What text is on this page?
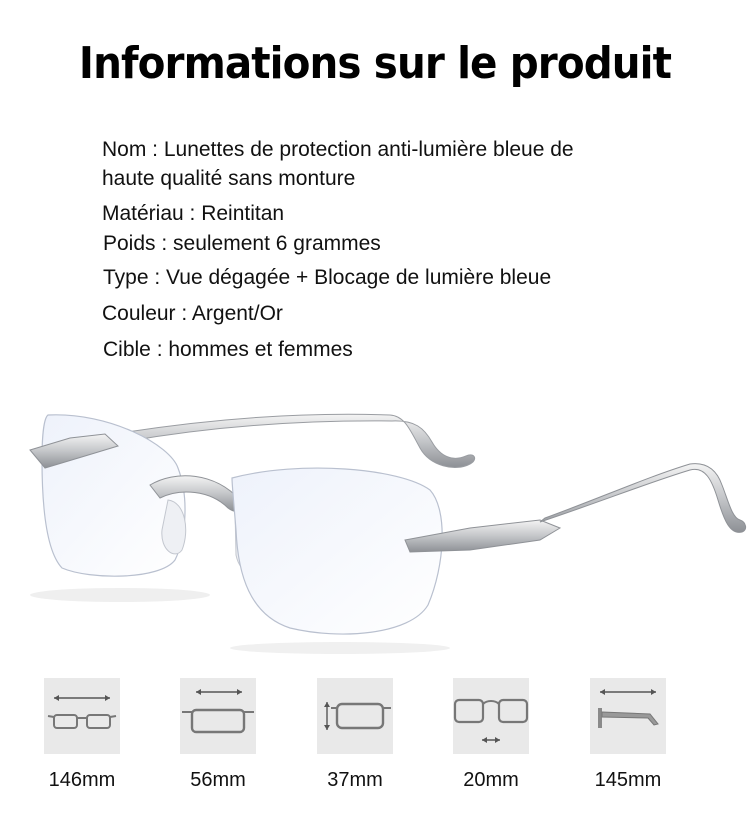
Informations sur le produit
Nom : Lunettes de protection anti-lumière bleue de
haute qualité sans monture
Matériau : Reintitan
Poids : seulement 6 grammes
Type : Vue dégagée + Blocage de lumière bleue
Couleur : Argent/Or
Cible : hommes et femmes
146mm	56mm	37mm	20mm	145mm
